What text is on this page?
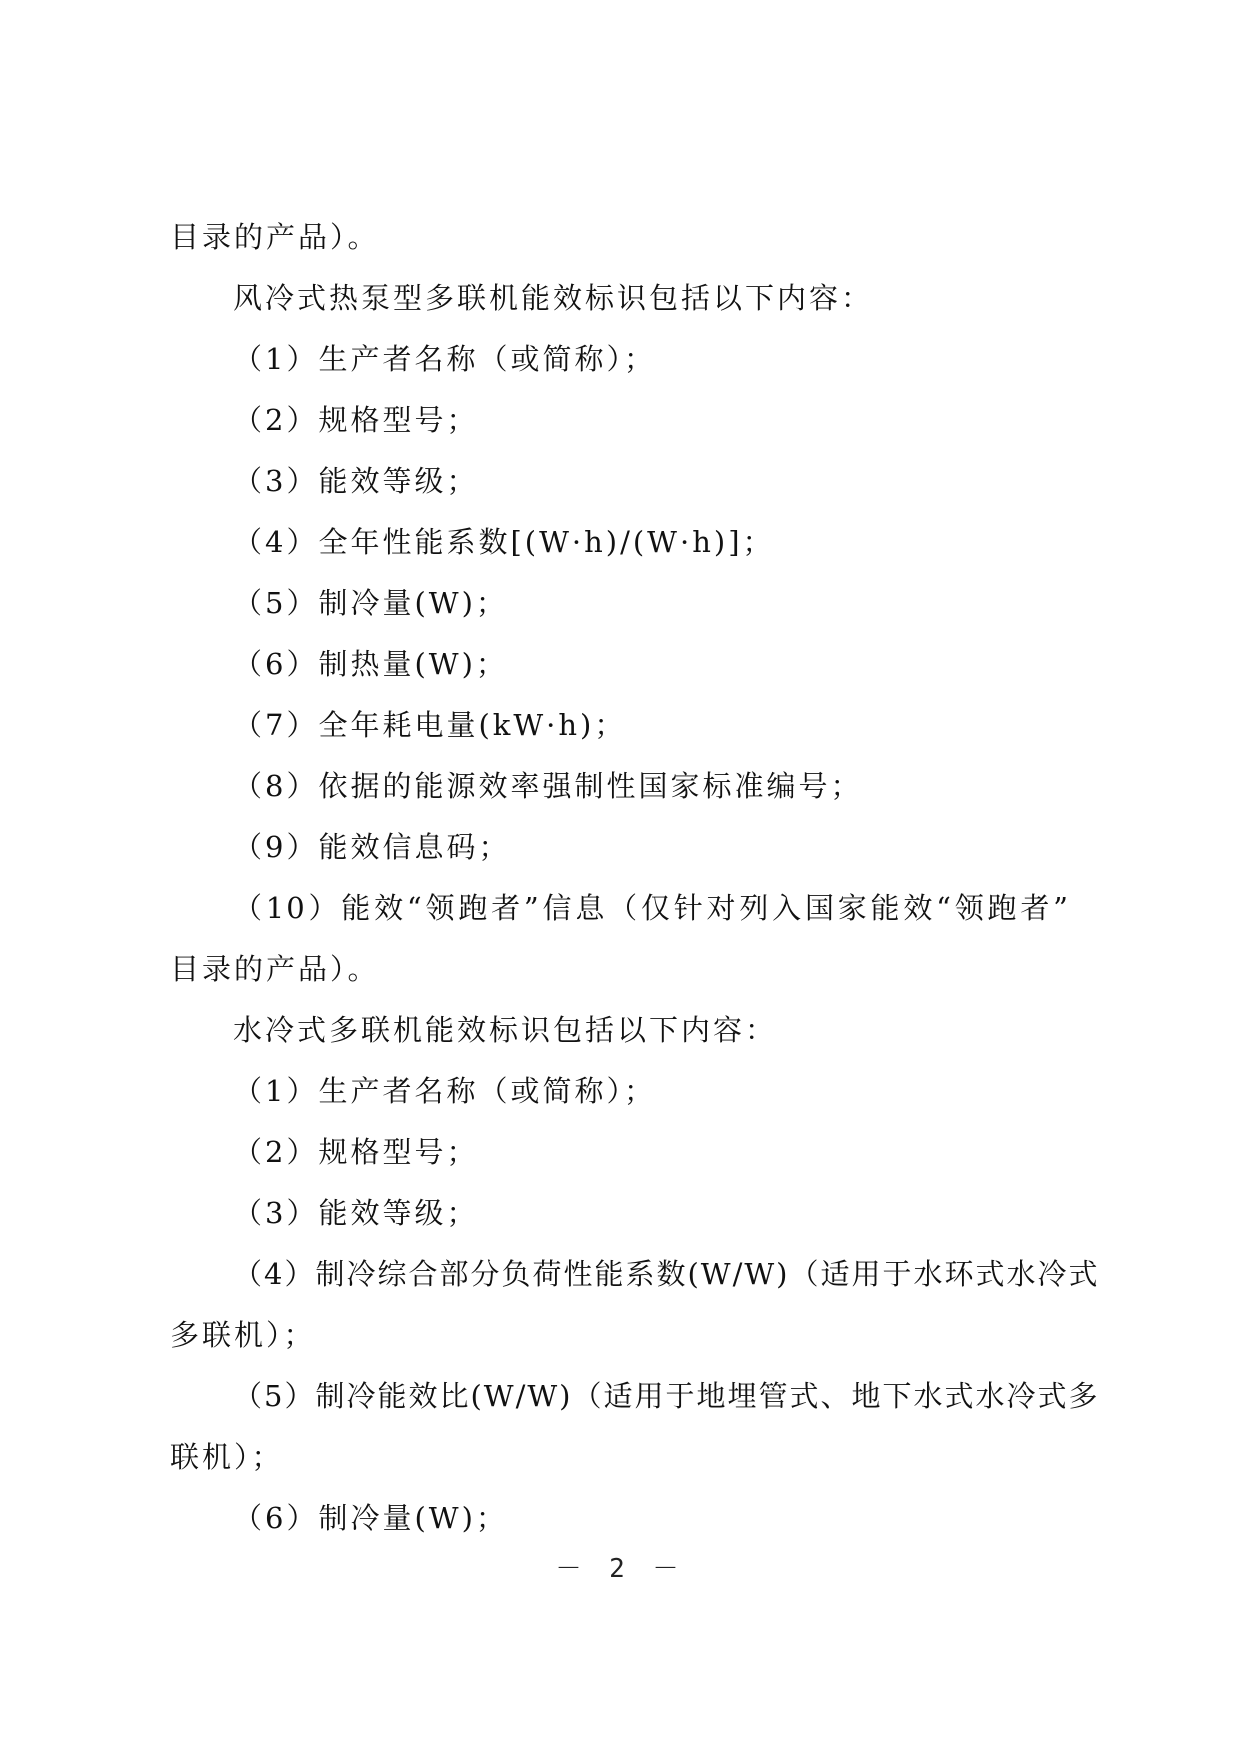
目录的产品）。
风冷式热泵型多联机能效标识包括以下内容：
（1）生产者名称（或简称）；
（2）规格型号；
（3）能效等级；
（4）全年性能系数[(W·h)/(W·h)]；
（5）制冷量(W)；
（6）制热量(W)；
（7）全年耗电量(kW·h)；
（8）依据的能源效率强制性国家标准编号；
（9）能效信息码；
（10）能效“领跑者”信息（仅针对列入国家能效“领跑者”
目录的产品）。
水冷式多联机能效标识包括以下内容：
（1）生产者名称（或简称）；
（2）规格型号；
（3）能效等级；
（4）制冷综合部分负荷性能系数(W/W)（适用于水环式水冷式
多联机）；
（5）制冷能效比(W/W)（适用于地埋管式、地下水式水冷式多
联机）；
（6）制冷量(W)；
－ 2 －
